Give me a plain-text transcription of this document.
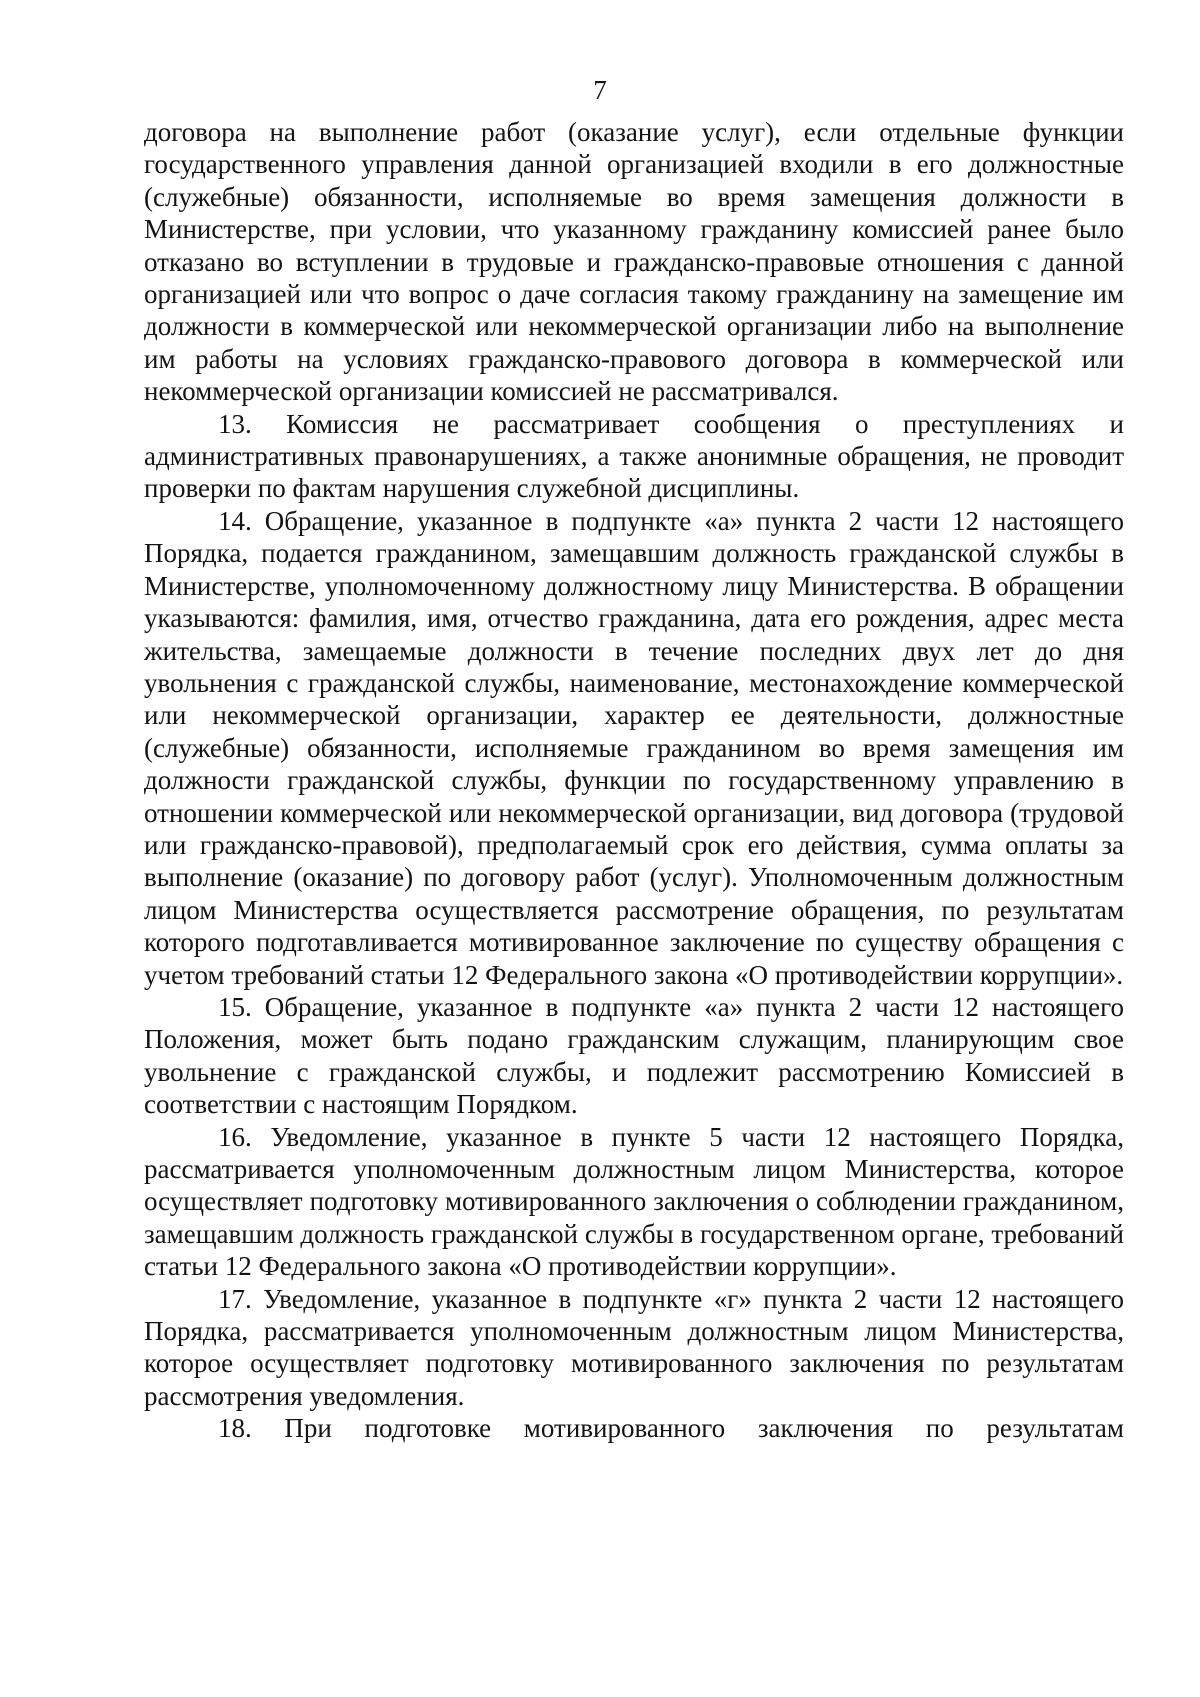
7

договора на выполнение работ (оказание услуг), если отдельные функции государственного управления данной организацией входили в его должностные (служебные) обязанности, исполняемые во время замещения должности в Министерстве, при условии, что указанному гражданину комиссией ранее было отказано во вступлении в трудовые и гражданско-правовые отношения с данной организацией или что вопрос о даче согласия такому гражданину на замещение им должности в коммерческой или некоммерческой организации либо на выполнение им работы на условиях гражданско-правового договора в коммерческой или некоммерческой организации комиссией не рассматривался.

13. Комиссия не рассматривает сообщения о преступлениях и административных правонарушениях, а также анонимные обращения, не проводит проверки по фактам нарушения служебной дисциплины.

14. Обращение, указанное в подпункте «а» пункта 2 части 12 настоящего Порядка, подается гражданином, замещавшим должность гражданской службы в Министерстве, уполномоченному должностному лицу Министерства. В обращении указываются: фамилия, имя, отчество гражданина, дата его рождения, адрес места жительства, замещаемые должности в течение последних двух лет до дня увольнения с гражданской службы, наименование, местонахождение коммерческой или некоммерческой организации, характер ее деятельности, должностные (служебные) обязанности, исполняемые гражданином во время замещения им должности гражданской службы, функции по государственному управлению в отношении коммерческой или некоммерческой организации, вид договора (трудовой или гражданско-правовой), предполагаемый срок его действия, сумма оплаты за выполнение (оказание) по договору работ (услуг). Уполномоченным должностным лицом Министерства осуществляется рассмотрение обращения, по результатам которого подготавливается мотивированное заключение по существу обращения с учетом требований статьи 12 Федерального закона «О противодействии коррупции».

15. Обращение, указанное в подпункте «а» пункта 2 части 12 настоящего Положения, может быть подано гражданским служащим, планирующим свое увольнение с гражданской службы, и подлежит рассмотрению Комиссией в соответствии с настоящим Порядком.

16. Уведомление, указанное в пункте 5 части 12 настоящего Порядка, рассматривается уполномоченным должностным лицом Министерства, которое осуществляет подготовку мотивированного заключения о соблюдении гражданином, замещавшим должность гражданской службы в государственном органе, требований статьи 12 Федерального закона «О противодействии коррупции».

17. Уведомление, указанное в подпункте «г» пункта 2 части 12 настоящего Порядка, рассматривается уполномоченным должностным лицом Министерства, которое осуществляет подготовку мотивированного заключения по результатам рассмотрения уведомления.

18. При подготовке мотивированного заключения по результатам
